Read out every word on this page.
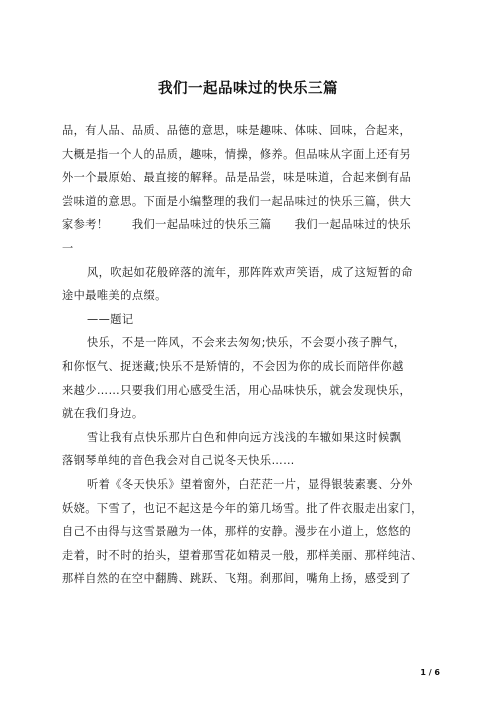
我们一起品味过的快乐三篇
品，有人品、品质、品德的意思，味是趣味、体味、回味，合起来，
大概是指一个人的品质，趣味，情操，修养。但品味从字面上还有另
外一个最原始、最直接的解释。品是品尝，味是味道，合起来倒有品
尝味道的意思。下面是小编整理的我们一起品味过的快乐三篇，供大
家参考！　　我们一起品味过的快乐三篇　　我们一起品味过的快乐
一
风，吹起如花般碎落的流年，那阵阵欢声笑语，成了这短暂的命
途中最唯美的点缀。
——题记
快乐，不是一阵风，不会来去匆匆;快乐，不会耍小孩子脾气，
和你怄气、捉迷藏;快乐不是矫情的，不会因为你的成长而陪伴你越
来越少……只要我们用心感受生活，用心品味快乐，就会发现快乐，
就在我们身边。
雪让我有点快乐那片白色和伸向远方浅浅的车辙如果这时候飘
落钢琴单纯的音色我会对自己说冬天快乐……
听着《冬天快乐》望着窗外，白茫茫一片，显得银装素裹、分外
妖娆。下雪了，也记不起这是今年的第几场雪。批了件衣服走出家门，
自己不由得与这雪景融为一体，那样的安静。漫步在小道上，悠悠的
走着，时不时的抬头，望着那雪花如精灵一般，那样美丽、那样纯洁、
那样自然的在空中翻腾、跳跃、飞翔。刹那间，嘴角上扬，感受到了
1 / 6
